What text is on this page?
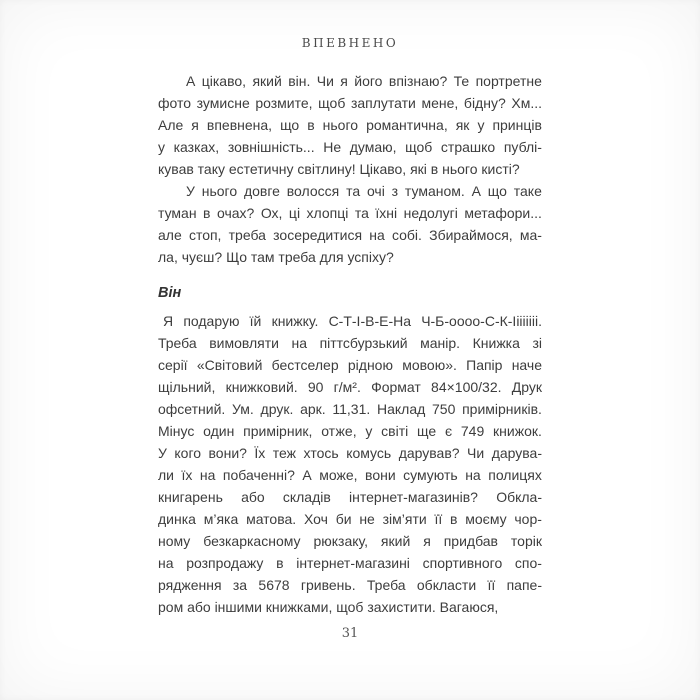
ВПЕВНЕНО
А цікаво, який він. Чи я його впізнаю? Те портретне
фото зумисне розмите, щоб заплутати мене, бідну? Хм...
Але я впевнена, що в нього романтична, як у принців
у казках, зовнішність... Не думаю, щоб страшко публі-
кував таку естетичну світлину! Цікаво, які в нього кисті?
У нього довге волосся та очі з туманом. А що таке
туман в очах? Ох, ці хлопці та їхні недолугі метафори...
але стоп, треба зосередитися на собі. Збираймося, ма-
ла, чуєш? Що там треба для успіху?
Він
Я подарую їй книжку. С-Т-І-В-Е-На Ч-Б-оооо-С-К-Іііііііі.
Треба вимовляти на піттсбурзький манір. Книжка зі
серії «Світовий бестселер рідною мовою». Папір наче
щільний, книжковий. 90 г/м². Формат 84×100/32. Друк
офсетний. Ум. друк. арк. 11,31. Наклад 750 примірників.
Мінус один примірник, отже, у світі ще є 749 книжок.
У кого вони? Їх теж хтось комусь дарував? Чи дарува-
ли їх на побаченні? А може, вони сумують на полицях
книгарень або складів інтернет-магазинів? Обкла-
динка м’яка матова. Хоч би не зім’яти її в моєму чор-
ному безкаркасному рюкзаку, який я придбав торік
на розпродажу в інтернет-магазині спортивного спо-
рядження за 5678 гривень. Треба обкласти її папе-
ром або іншими книжками, щоб захистити. Вагаюся,
31
